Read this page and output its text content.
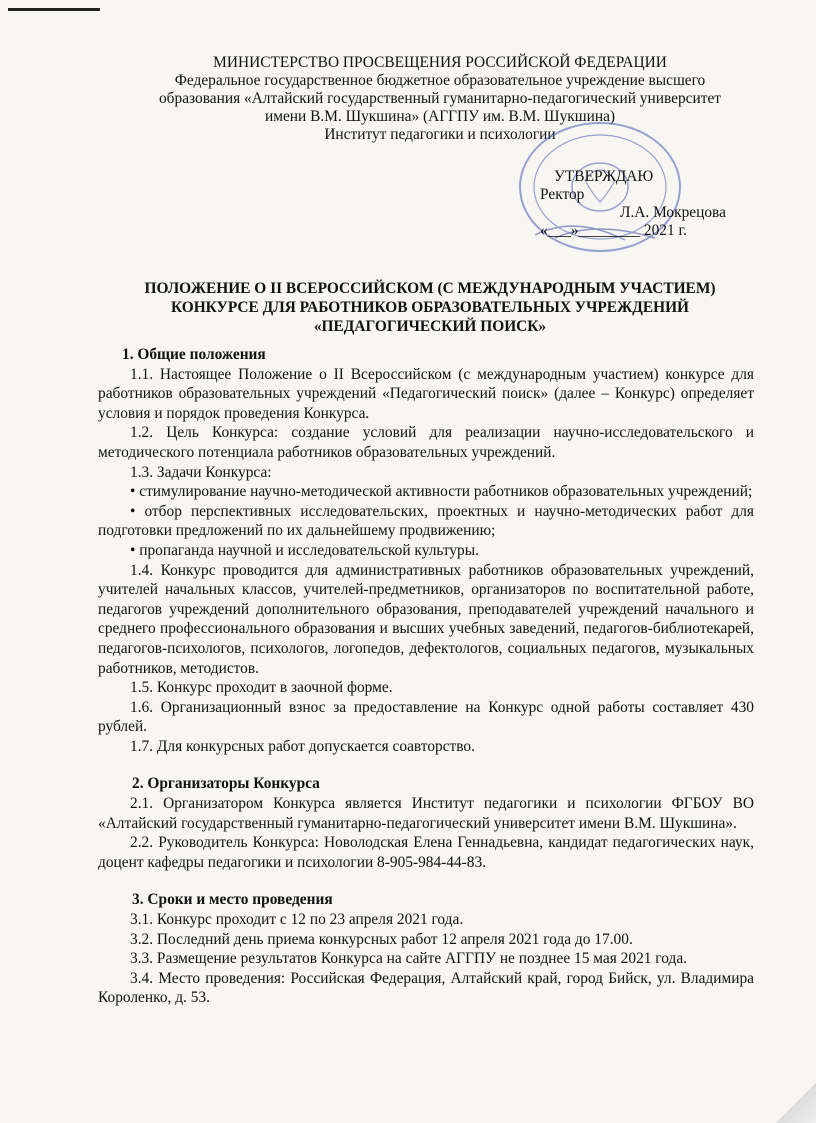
МИНИСТЕРСТВО ПРОСВЕЩЕНИЯ РОССИЙСКОЙ ФЕДЕРАЦИИ
Федеральное государственное бюджетное образовательное учреждение высшего
образования «Алтайский государственный гуманитарно-педагогический университет
имени В.М. Шукшина» (АГГПУ им. В.М. Шукшина)
Институт педагогики и психологии
УТВЕРЖДАЮ
Ректор
Л.А. Мокрецова
«___»________ 2021 г.
ПОЛОЖЕНИЕ О II ВСЕРОССИЙСКОМ (С МЕЖДУНАРОДНЫМ УЧАСТИЕМ)
КОНКУРСЕ ДЛЯ РАБОТНИКОВ ОБРАЗОВАТЕЛЬНЫХ УЧРЕЖДЕНИЙ
«ПЕДАГОГИЧЕСКИЙ ПОИСК»
1. Общие положения

1.1. Настоящее Положение о II Всероссийском (с международным участием) конкурсе для работников образовательных учреждений «Педагогический поиск» (далее – Конкурс) определяет условия и порядок проведения Конкурса.

1.2. Цель Конкурса: создание условий для реализации научно-исследовательского и методического потенциала работников образовательных учреждений.

1.3. Задачи Конкурса:

• стимулирование научно-методической активности работников образовательных учреждений;

• отбор перспективных исследовательских, проектных и научно-методических работ для подготовки предложений по их дальнейшему продвижению;

• пропаганда научной и исследовательской культуры.

1.4. Конкурс проводится для административных работников образовательных учреждений, учителей начальных классов, учителей-предметников, организаторов по воспитательной работе, педагогов учреждений дополнительного образования, преподавателей учреждений начального и среднего профессионального образования и высших учебных заведений, педагогов-библиотекарей, педагогов-психологов, психологов, логопедов, дефектологов, социальных педагогов, музыкальных работников, методистов.

1.5. Конкурс проходит в заочной форме.

1.6. Организационный взнос за предоставление на Конкурс одной работы составляет 430 рублей.

1.7. Для конкурсных работ допускается соавторство.

2. Организаторы Конкурса

2.1. Организатором Конкурса является Институт педагогики и психологии ФГБОУ ВО «Алтайский государственный гуманитарно-педагогический университет имени В.М. Шукшина».

2.2. Руководитель Конкурса: Новолодская Елена Геннадьевна, кандидат педагогических наук, доцент кафедры педагогики и психологии 8-905-984-44-83.

3. Сроки и место проведения

3.1. Конкурс проходит с 12 по 23 апреля 2021 года.

3.2. Последний день приема конкурсных работ 12 апреля 2021 года до 17.00.

3.3. Размещение результатов Конкурса на сайте АГГПУ не позднее 15 мая 2021 года.

3.4. Место проведения: Российская Федерация, Алтайский край, город Бийск, ул. Владимира Короленко, д. 53.
